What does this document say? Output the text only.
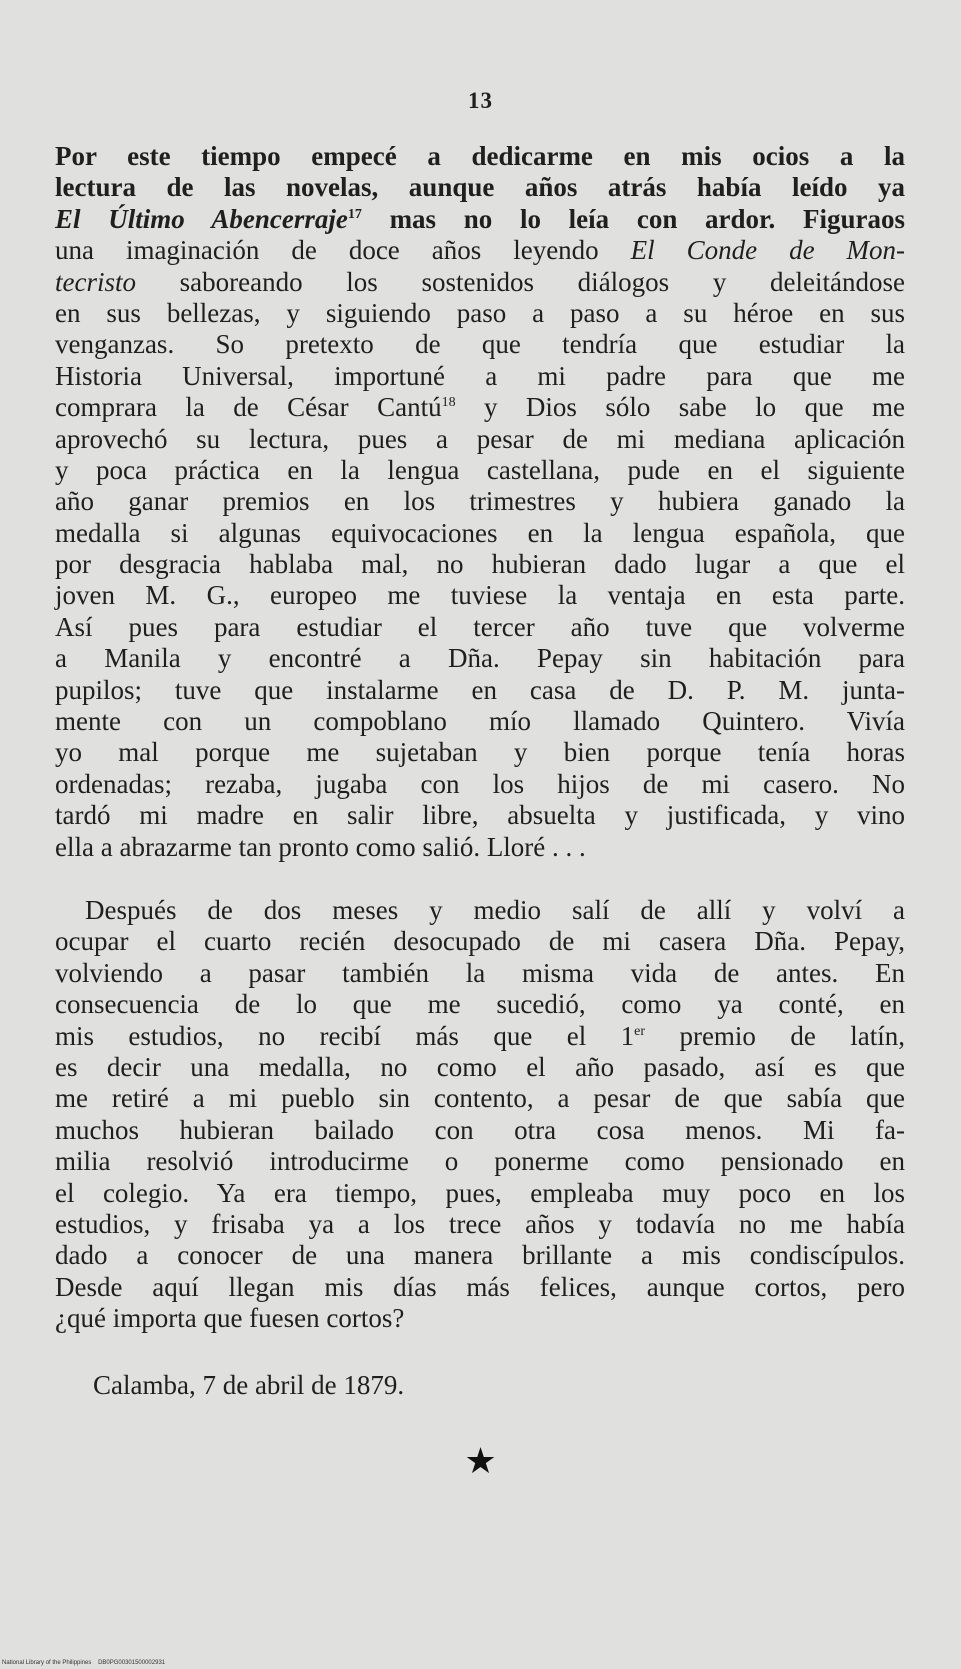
13
Por este tiempo empecé a dedicarme en mis ocios a la
lectura de las novelas, aunque años atrás había leído ya
El Último Abencerraje$^{17}$ mas no lo leía con ardor. Figuraos
una imaginación de doce años leyendo El Conde de Mon-
tecristo saboreando los sostenidos diálogos y deleitándose
en sus bellezas, y siguiendo paso a paso a su héroe en sus
venganzas. So pretexto de que tendría que estudiar la
Historia Universal, importuné a mi padre para que me
comprara la de César Cantú$^{18}$ y Dios sólo sabe lo que me
aprovechó su lectura, pues a pesar de mi mediana aplicación
y poca práctica en la lengua castellana, pude en el siguiente
año ganar premios en los trimestres y hubiera ganado la
medalla si algunas equivocaciones en la lengua española, que
por desgracia hablaba mal, no hubieran dado lugar a que el
joven M. G., europeo me tuviese la ventaja en esta parte.
Así pues para estudiar el tercer año tuve que volverme
a Manila y encontré a Dña. Pepay sin habitación para
pupilos; tuve que instalarme en casa de D. P. M. junta-
mente con un compoblano mío llamado Quintero. Vivía
yo mal porque me sujetaban y bien porque tenía horas
ordenadas; rezaba, jugaba con los hijos de mi casero. No
tardó mi madre en salir libre, absuelta y justificada, y vino
ella a abrazarme tan pronto como salió. Lloré . . .
Después de dos meses y medio salí de allí y volví a
ocupar el cuarto recién desocupado de mi casera Dña. Pepay,
volviendo a pasar también la misma vida de antes. En
consecuencia de lo que me sucedió, como ya conté, en
mis estudios, no recibí más que el 1er premio de latín,
es decir una medalla, no como el año pasado, así es que
me retiré a mi pueblo sin contento, a pesar de que sabía que
muchos hubieran bailado con otra cosa menos. Mi fa-
milia resolvió introducirme o ponerme como pensionado en
el colegio. Ya era tiempo, pues, empleaba muy poco en los
estudios, y frisaba ya a los trece años y todavía no me había
dado a conocer de una manera brillante a mis condiscípulos.
Desde aquí llegan mis días más felices, aunque cortos, pero
¿qué importa que fuesen cortos?
Calamba, 7 de abril de 1879.
★
National Library of the Philippines DB0PG00301500002931
